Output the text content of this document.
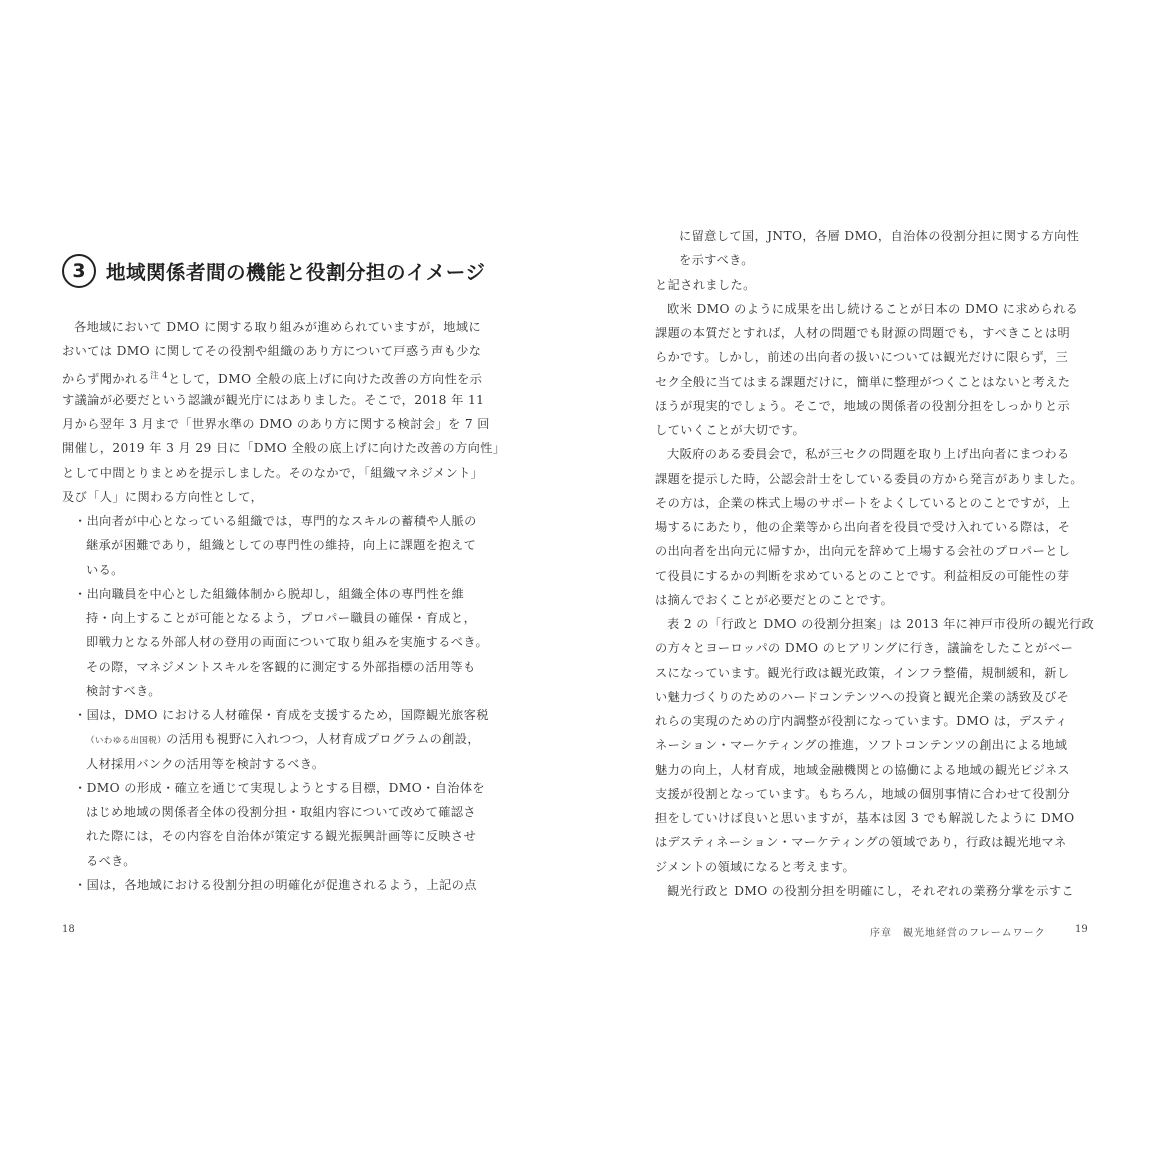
3	地域関係者間の機能と役割分担のイメージ
各地域において DMO に関する取り組みが進められていますが，地域に
おいては DMO に関してその役割や組織のあり方について戸惑う声も少な
からず聞かれる$^{注 4}$として，DMO 全般の底上げに向けた改善の方向性を示
す議論が必要だという認識が観光庁にはありました。そこで，2018 年 11
月から翌年 3 月まで「世界水準の DMO のあり方に関する検討会」を 7 回
開催し，2019 年 3 月 29 日に「DMO 全般の底上げに向けた改善の方向性」
として中間とりまとめを提示しました。そのなかで，「組織マネジメント」
及び「人」に関わる方向性として，
・出向者が中心となっている組織では，専門的なスキルの蓄積や人脈の
継承が困難であり，組織としての専門性の維持，向上に課題を抱えて
いる。
・出向職員を中心とした組織体制から脱却し，組織全体の専門性を維
持・向上することが可能となるよう，プロパー職員の確保・育成と，
即戦力となる外部人材の登用の両面について取り組みを実施するべき。
その際，マネジメントスキルを客観的に測定する外部指標の活用等も
検討すべき。
・国は，DMO における人材確保・育成を支援するため，国際観光旅客税
（いわゆる出国税）の活用も視野に入れつつ，人材育成プログラムの創設，
人材採用バンクの活用等を検討するべき。
・DMO の形成・確立を通じて実現しようとする目標，DMO・自治体を
はじめ地域の関係者全体の役割分担・取組内容について改めて確認さ
れた際には，その内容を自治体が策定する観光振興計画等に反映させ
るべき。
・国は，各地域における役割分担の明確化が促進されるよう，上記の点
に留意して国，JNTO，各層 DMO，自治体の役割分担に関する方向性
を示すべき。
と記されました。
欧米 DMO のように成果を出し続けることが日本の DMO に求められる
課題の本質だとすれば，人材の問題でも財源の問題でも，すべきことは明
らかです。しかし，前述の出向者の扱いについては観光だけに限らず，三
セク全般に当てはまる課題だけに，簡単に整理がつくことはないと考えた
ほうが現実的でしょう。そこで，地域の関係者の役割分担をしっかりと示
していくことが大切です。
大阪府のある委員会で，私が三セクの問題を取り上げ出向者にまつわる
課題を提示した時，公認会計士をしている委員の方から発言がありました。
その方は，企業の株式上場のサポートをよくしているとのことですが，上
場するにあたり，他の企業等から出向者を役員で受け入れている際は，そ
の出向者を出向元に帰すか，出向元を辞めて上場する会社のプロパーとし
て役員にするかの判断を求めているとのことです。利益相反の可能性の芽
は摘んでおくことが必要だとのことです。
表 2 の「行政と DMO の役割分担案」は 2013 年に神戸市役所の観光行政
の方々とヨーロッパの DMO のヒアリングに行き，議論をしたことがベー
スになっています。観光行政は観光政策，インフラ整備，規制緩和，新し
い魅力づくりのためのハードコンテンツへの投資と観光企業の誘致及びそ
れらの実現のための庁内調整が役割になっています。DMO は，デスティ
ネーション・マーケティングの推進，ソフトコンテンツの創出による地域
魅力の向上，人材育成，地域金融機関との協働による地域の観光ビジネス
支援が役割となっています。もちろん，地域の個別事情に合わせて役割分
担をしていけば良いと思いますが，基本は図 3 でも解説したように DMO
はデスティネーション・マーケティングの領域であり，行政は観光地マネ
ジメントの領域になると考えます。
観光行政と DMO の役割分担を明確にし，それぞれの業務分掌を示すこ
18	序章　観光地経営のフレームワーク	19
